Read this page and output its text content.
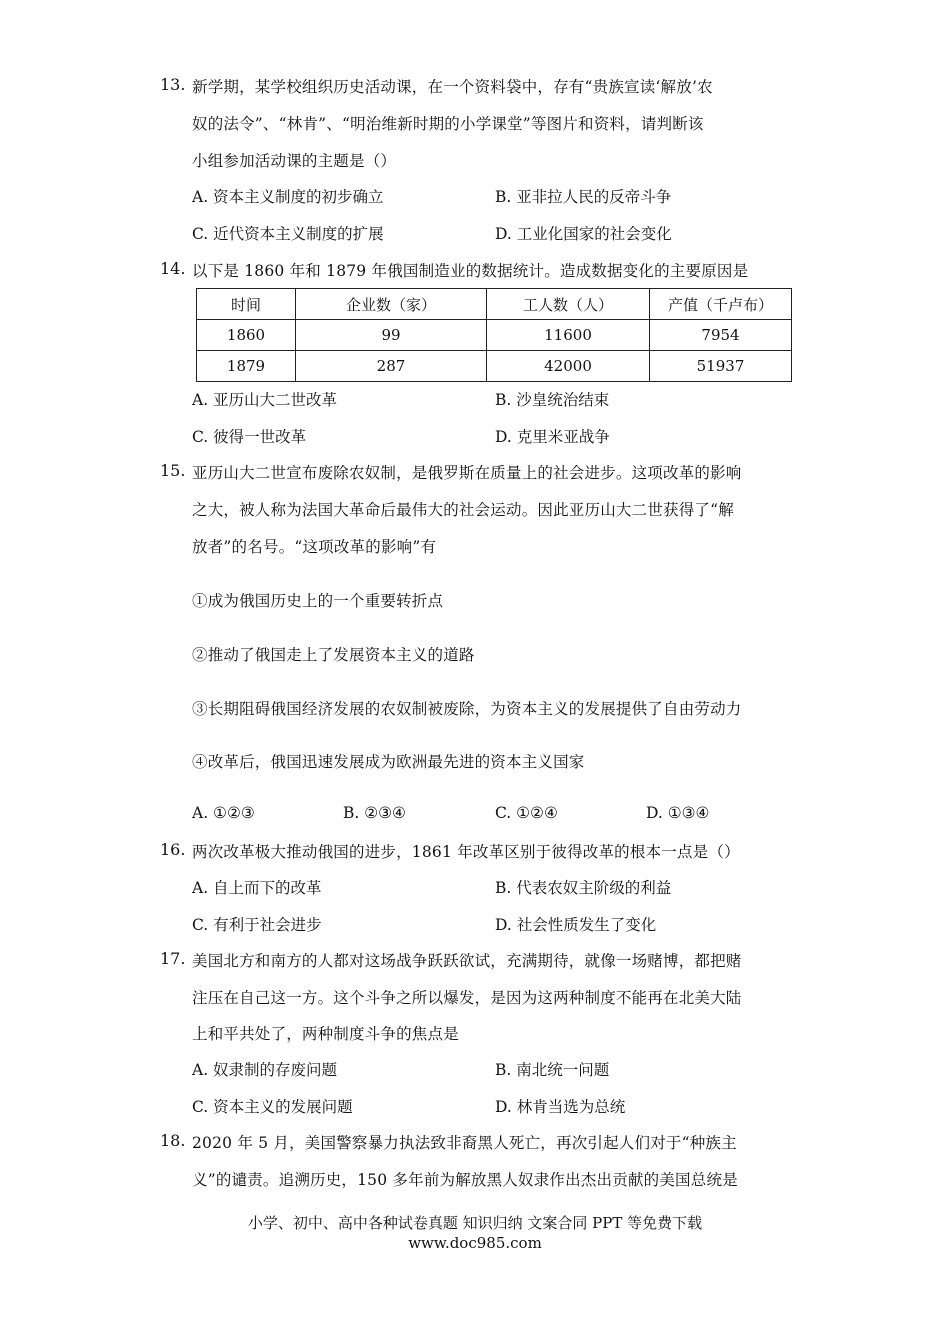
13. 新学期，某学校组织历史活动课，在一个资料袋中，存有“贵族宣读‘解放’农
奴的法令”、“林肯”、“明治维新时期的小学课堂”等图片和资料，请判断该
小组参加活动课的主题是（）
A. 资本主义制度的初步确立	B. 亚非拉人民的反帝斗争
C. 近代资本主义制度的扩展	D. 工业化国家的社会变化
14. 以下是 1860 年和 1879 年俄国制造业的数据统计。造成数据变化的主要原因是
时间	企业数（家）	工人数（人）	产值（千卢布）
1860	99	11600	7954
1879	287	42000	51937
A. 亚历山大二世改革	B. 沙皇统治结束
C. 彼得一世改革	D. 克里米亚战争
15. 亚历山大二世宣布废除农奴制，是俄罗斯在质量上的社会进步。这项改革的影响
之大，被人称为法国大革命后最伟大的社会运动。因此亚历山大二世获得了“解
放者”的名号。“这项改革的影响”有
①成为俄国历史上的一个重要转折点
②推动了俄国走上了发展资本主义的道路
③长期阻碍俄国经济发展的农奴制被废除，为资本主义的发展提供了自由劳动力
④改革后，俄国迅速发展成为欧洲最先进的资本主义国家
A. ①②③	B. ②③④	C. ①②④	D. ①③④
16. 两次改革极大推动俄国的进步，1861 年改革区别于彼得改革的根本一点是（）
A. 自上而下的改革	B. 代表农奴主阶级的利益
C. 有利于社会进步	D. 社会性质发生了变化
17. 美国北方和南方的人都对这场战争跃跃欲试，充满期待，就像一场赌博，都把赌
注压在自己这一方。这个斗争之所以爆发，是因为这两种制度不能再在北美大陆
上和平共处了，两种制度斗争的焦点是
A. 奴隶制的存废问题	B. 南北统一问题
C. 资本主义的发展问题	D. 林肯当选为总统
18. 2020 年 5 月，美国警察暴力执法致非裔黑人死亡，再次引起人们对于“种族主
义”的谴责。追溯历史，150 多年前为解放黑人奴隶作出杰出贡献的美国总统是
小学、初中、高中各种试卷真题 知识归纳 文案合同 PPT 等免费下载
www.doc985.com
